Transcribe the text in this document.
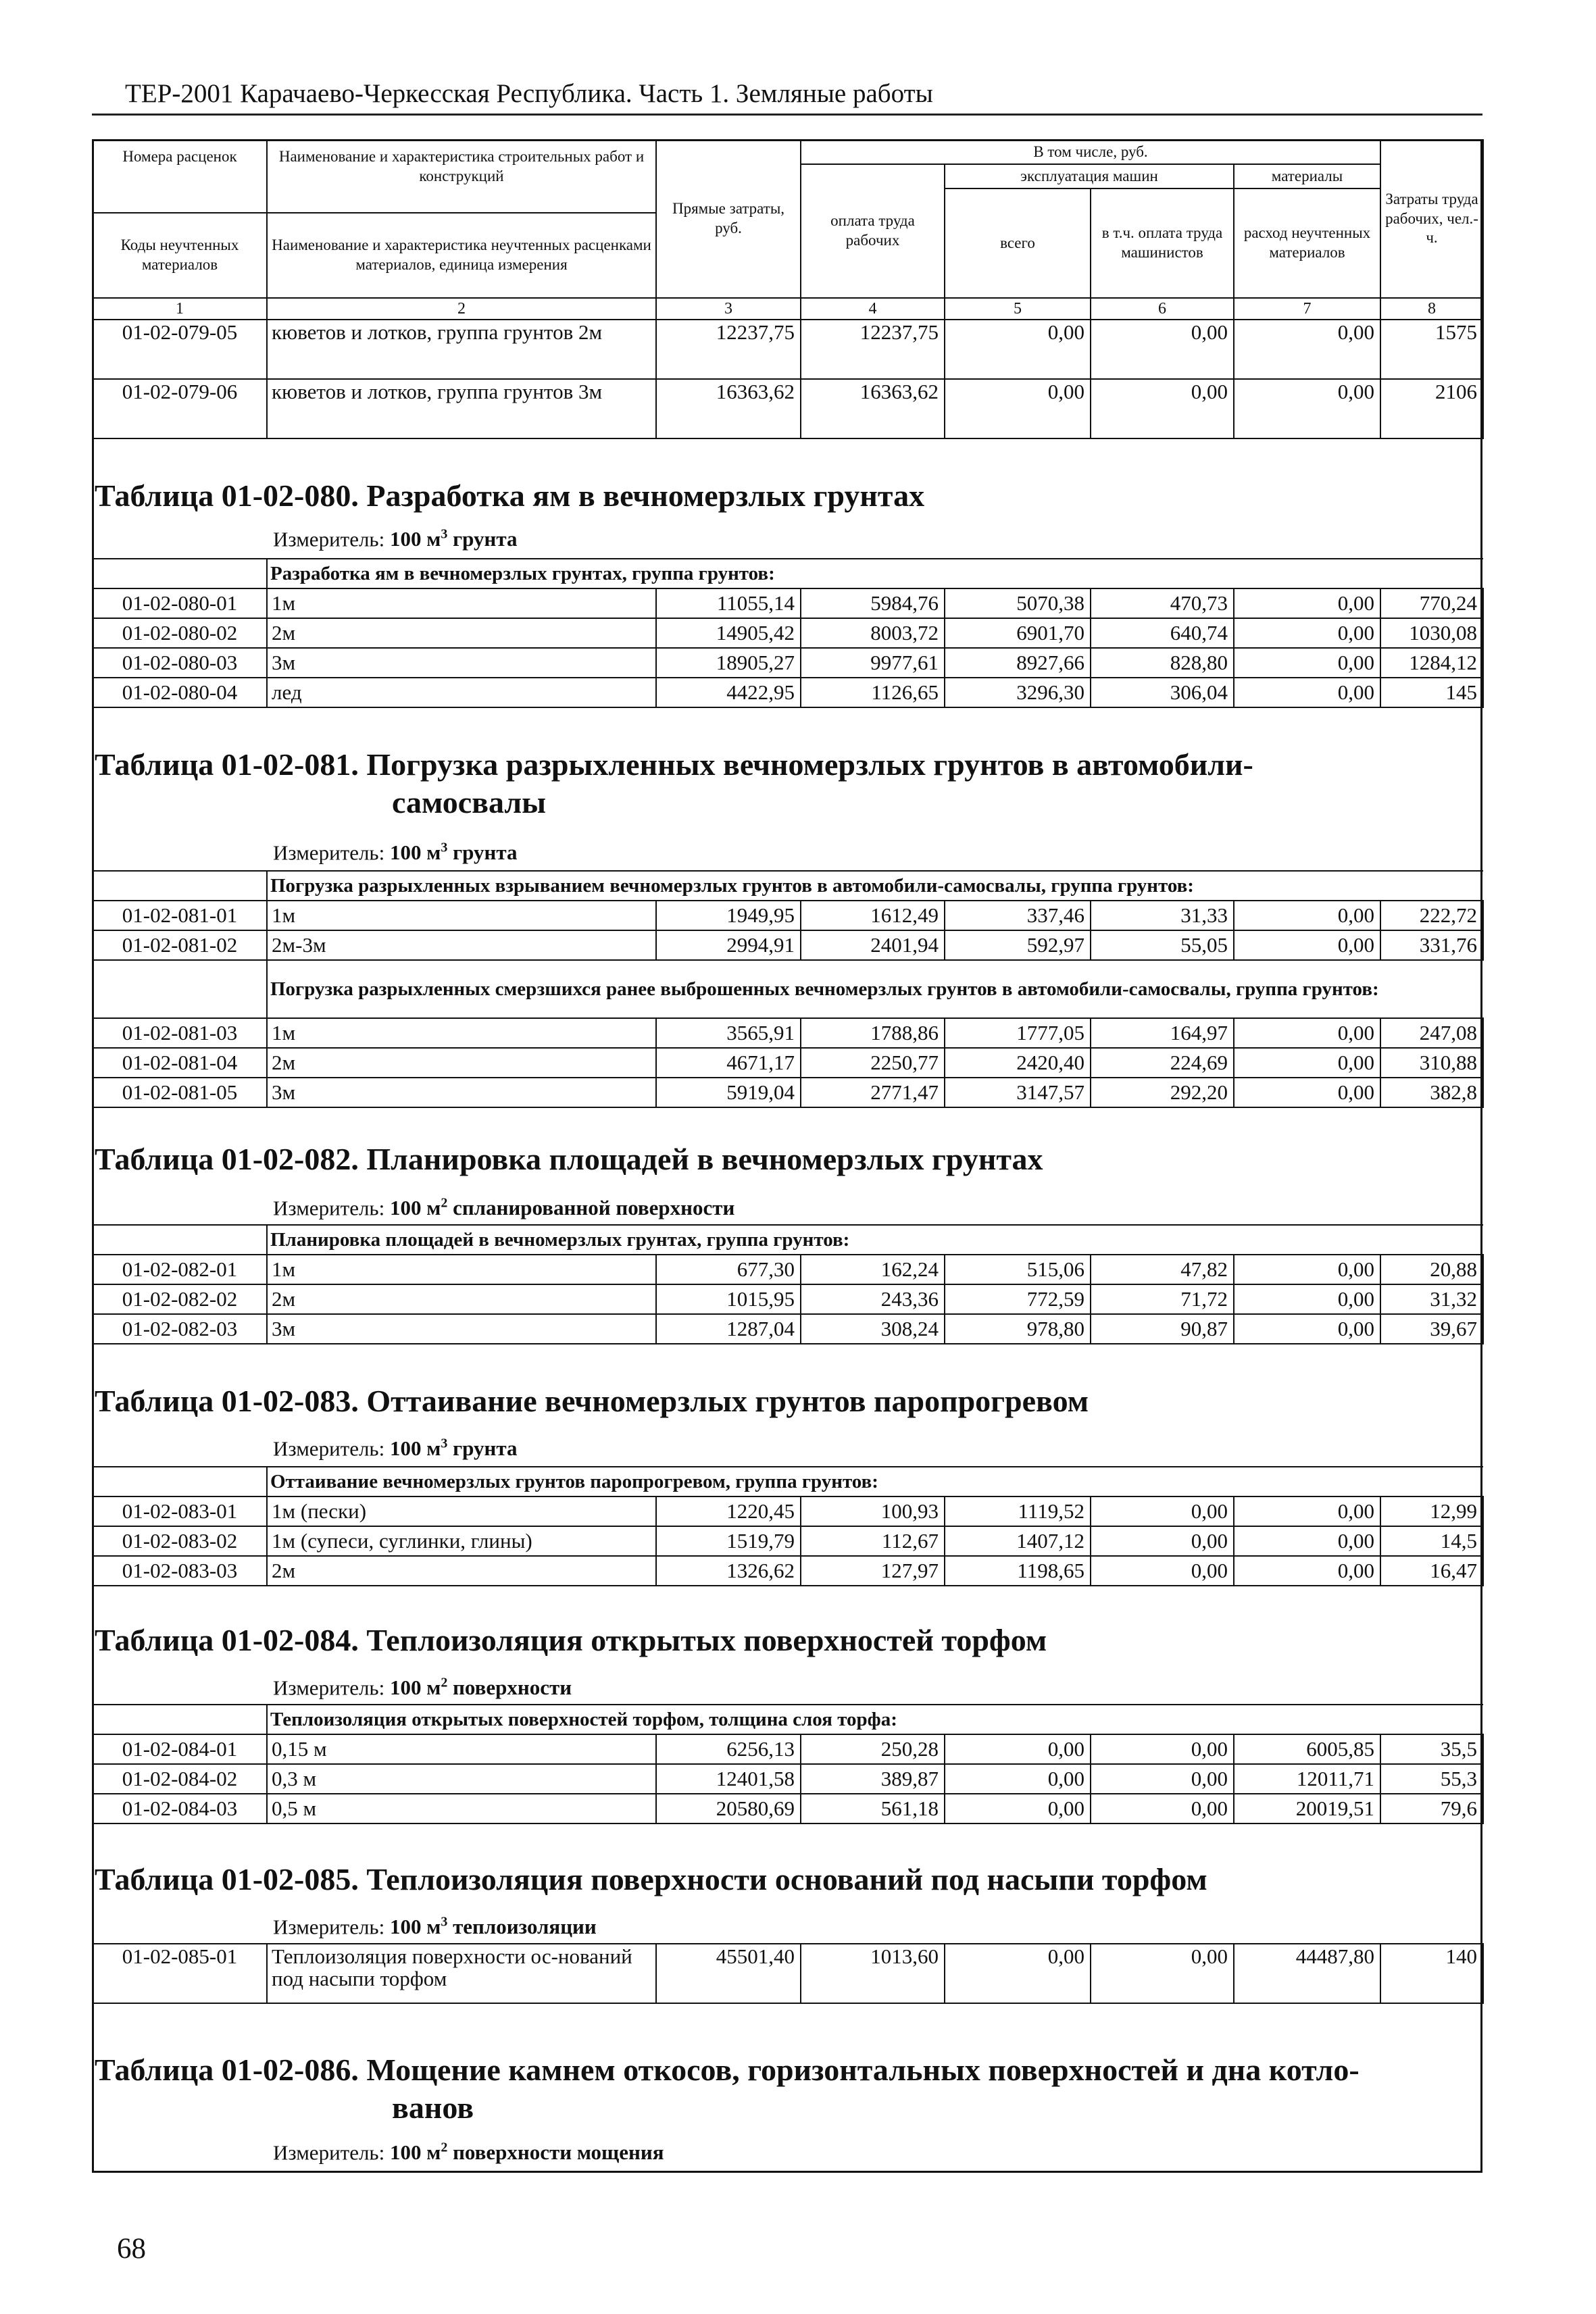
ТЕР-2001 Карачаево-Черкесская Республика. Часть 1. Земляные работы
Номера расценок	Наименование и характеристика строительных работ и конструкций	Прямые затраты, руб.	В том числе, руб.				Затраты труда рабочих, чел.-ч.
			оплата труда рабочих	эксплуатация машин		материалы	
				всего	в т.ч. оплата труда машинистов	расход неучтенных материалов	
Коды неучтенных материалов	Наименование и характеристика неучтенных расценками материалов, единица измерения						

1	2	3	4	5	6	7	8
01-02-079-05	кюветов и лотков, группа грунтов 2м	12237,75	12237,75	0,00	0,00	0,00	1575
01-02-079-06	кюветов и лотков, группа грунтов 3м	16363,62	16363,62	0,00	0,00	0,00	2106
Таблица 01-02-080. Разработка ям в вечномерзлых грунтах
Измеритель: 100 $м^3$ грунта
	Разработка ям в вечномерзлых грунтах, группа грунтов:						
01-02-080-01	1м	11055,14	5984,76	5070,38	470,73	0,00	770,24
01-02-080-02	2м	14905,42	8003,72	6901,70	640,74	0,00	1030,08
01-02-080-03	3м	18905,27	9977,61	8927,66	828,80	0,00	1284,12
01-02-080-04	лед	4422,95	1126,65	3296,30	306,04	0,00	145
Таблица 01-02-081. Погрузка разрыхленных вечномерзлых грунтов в автомобили-
самосвалы
Измеритель: 100 $м^3$ грунта
	Погрузка разрыхленных взрыванием вечномерзлых грунтов в автомобили-самосвалы, группа грунтов:						
01-02-081-01	1м	1949,95	1612,49	337,46	31,33	0,00	222,72
01-02-081-02	2м-3м	2994,91	2401,94	592,97	55,05	0,00	331,76
	Погрузка разрыхленных смерзшихся ранее выброшенных вечномерзлых грунтов в автомобили-самосвалы, группа грунтов:						
01-02-081-03	1м	3565,91	1788,86	1777,05	164,97	0,00	247,08
01-02-081-04	2м	4671,17	2250,77	2420,40	224,69	0,00	310,88
01-02-081-05	3м	5919,04	2771,47	3147,57	292,20	0,00	382,8
Таблица 01-02-082. Планировка площадей в вечномерзлых грунтах
Измеритель: 100 $м^2$ спланированной поверхности
	Планировка площадей в вечномерзлых грунтах, группа грунтов:						
01-02-082-01	1м	677,30	162,24	515,06	47,82	0,00	20,88
01-02-082-02	2м	1015,95	243,36	772,59	71,72	0,00	31,32
01-02-082-03	3м	1287,04	308,24	978,80	90,87	0,00	39,67
Таблица 01-02-083. Оттаивание вечномерзлых грунтов паропрогревом
Измеритель: 100 $м^3$ грунта
	Оттаивание вечномерзлых грунтов паропрогревом, группа грунтов:						
01-02-083-01	1м (пески)	1220,45	100,93	1119,52	0,00	0,00	12,99
01-02-083-02	1м (супеси, суглинки, глины)	1519,79	112,67	1407,12	0,00	0,00	14,5
01-02-083-03	2м	1326,62	127,97	1198,65	0,00	0,00	16,47
Таблица 01-02-084. Теплоизоляция открытых поверхностей торфом
Измеритель: 100 $м^2$ поверхности
	Теплоизоляция открытых поверхностей торфом, толщина слоя торфа:						
01-02-084-01	0,15 м	6256,13	250,28	0,00	0,00	6005,85	35,5
01-02-084-02	0,3 м	12401,58	389,87	0,00	0,00	12011,71	55,3
01-02-084-03	0,5 м	20580,69	561,18	0,00	0,00	20019,51	79,6
Таблица 01-02-085. Теплоизоляция поверхности оснований под насыпи торфом
Измеритель: 100 $м^3$ теплоизоляции
01-02-085-01	Теплоизоляция поверхности ос-нований под насыпи торфом	45501,40	1013,60	0,00	0,00	44487,80	140
Таблица 01-02-086. Мощение камнем откосов, горизонтальных поверхностей и дна котло-
ванов
Измеритель: 100 $м^2$ поверхности мощения
68
